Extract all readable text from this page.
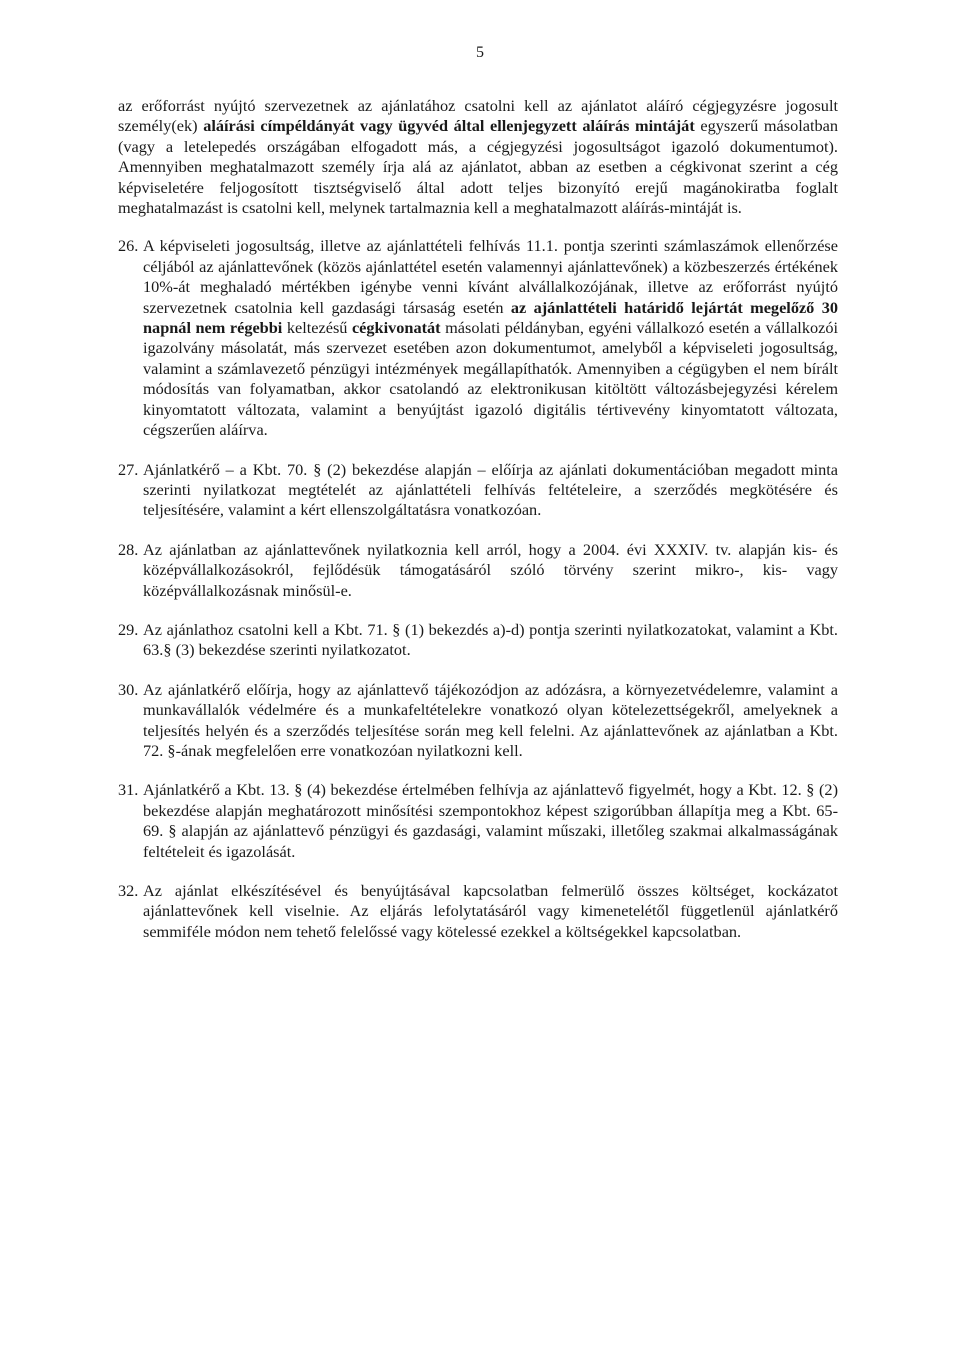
5

az erőforrást nyújtó szervezetnek az ajánlatához csatolni kell az ajánlatot aláíró cégjegyzésre jogosult személy(ek) aláírási címpéldányát vagy ügyvéd által ellenjegyzett aláírás mintáját egyszerű másolatban (vagy a letelepedés országában elfogadott más, a cégjegyzési jogosultságot igazoló dokumentumot). Amennyiben meghatalmazott személy írja alá az ajánlatot, abban az esetben a cégkivonat szerint a cég képviseletére feljogosított tisztségviselő által adott teljes bizonyító erejű magánokiratba foglalt meghatalmazást is csatolni kell, melynek tartalmaznia kell a meghatalmazott aláírás-mintáját is.

26. A képviseleti jogosultság, illetve az ajánlattételi felhívás 11.1. pontja szerinti számlaszámok ellenőrzése céljából az ajánlattevőnek (közös ajánlattétel esetén valamennyi ajánlattevőnek) a közbeszerzés értékének 10%-át meghaladó mértékben igénybe venni kívánt alvállalkozójának, illetve az erőforrást nyújtó szervezetnek csatolnia kell gazdasági társaság esetén az ajánlattételi határidő lejártát megelőző 30 napnál nem régebbi keltezésű cégkivonatát másolati példányban, egyéni vállalkozó esetén a vállalkozói igazolvány másolatát, más szervezet esetében azon dokumentumot, amelyből a képviseleti jogosultság, valamint a számlavezető pénzügyi intézmények megállapíthatók. Amennyiben a cégügyben el nem bírált módosítás van folyamatban, akkor csatolandó az elektronikusan kitöltött változásbejegyzési kérelem kinyomtatott változata, valamint a benyújtást igazoló digitális tértivevény kinyomtatott változata, cégszerűen aláírva.
27. Ajánlatkérő – a Kbt. 70. § (2) bekezdése alapján – előírja az ajánlati dokumentációban megadott minta szerinti nyilatkozat megtételét az ajánlattételi felhívás feltételeire, a szerződés megkötésére és teljesítésére, valamint a kért ellenszolgáltatásra vonatkozóan.
28. Az ajánlatban az ajánlattevőnek nyilatkoznia kell arról, hogy a 2004. évi XXXIV. tv. alapján kis- és középvállalkozásokról, fejlődésük támogatásáról szóló törvény szerint mikro-, kis- vagy középvállalkozásnak minősül-e.
29. Az ajánlathoz csatolni kell a Kbt. 71. § (1) bekezdés a)-d) pontja szerinti nyilatkozatokat, valamint a Kbt. 63.§ (3) bekezdése szerinti nyilatkozatot.
30. Az ajánlatkérő előírja, hogy az ajánlattevő tájékozódjon az adózásra, a környezetvédelemre, valamint a munkavállalók védelmére és a munkafeltételekre vonatkozó olyan kötelezettségekről, amelyeknek a teljesítés helyén és a szerződés teljesítése során meg kell felelni. Az ajánlattevőnek az ajánlatban a Kbt. 72. §-ának megfelelően erre vonatkozóan nyilatkozni kell.
31. Ajánlatkérő a Kbt. 13. § (4) bekezdése értelmében felhívja az ajánlattevő figyelmét, hogy a Kbt. 12. § (2) bekezdése alapján meghatározott minősítési szempontokhoz képest szigorúbban állapítja meg a Kbt. 65-69. § alapján az ajánlattevő pénzügyi és gazdasági, valamint műszaki, illetőleg szakmai alkalmasságának feltételeit és igazolását.
32. Az ajánlat elkészítésével és benyújtásával kapcsolatban felmerülő összes költséget, kockázatot ajánlattevőnek kell viselnie. Az eljárás lefolytatásáról vagy kimenetelétől függetlenül ajánlatkérő semmiféle módon nem tehető felelőssé vagy kötelessé ezekkel a költségekkel kapcsolatban.
